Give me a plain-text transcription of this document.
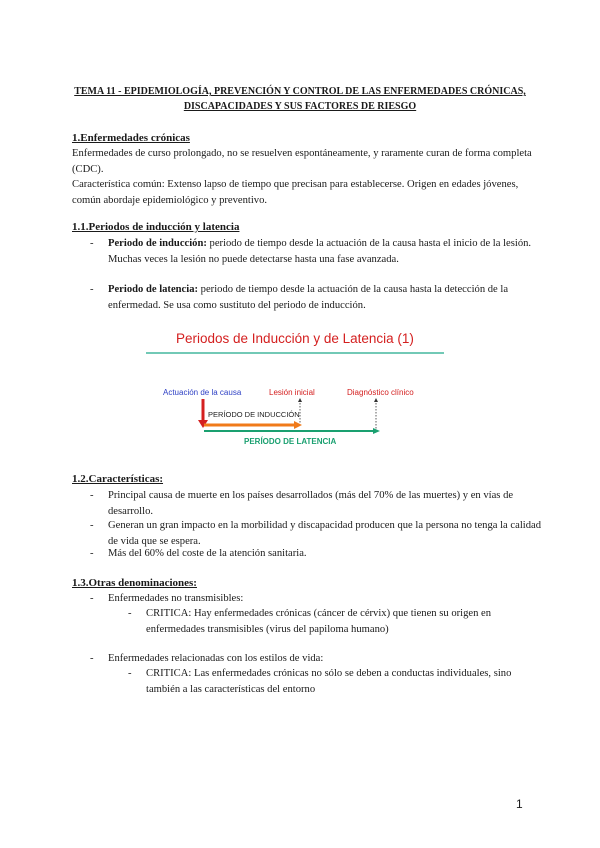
TEMA 11 - EPIDEMIOLOGÍA, PREVENCIÓN Y CONTROL DE LAS ENFERMEDADES CRÓNICAS,
DISCAPACIDADES Y SUS FACTORES DE RIESGO
1.Enfermedades crónicas
Enfermedades de curso prolongado, no se resuelven espontáneamente, y raramente curan de forma completa (CDC).
Característica común: Extenso lapso de tiempo que precisan para establecerse. Origen en edades jóvenes, común abordaje epidemiológico y preventivo.
1.1.Periodos de inducción y latencia
- Periodo de inducción: periodo de tiempo desde la actuación de la causa hasta el inicio de la lesión. Muchas veces la lesión no puede detectarse hasta una fase avanzada.
- Periodo de latencia: periodo de tiempo desde la actuación de la causa hasta la detección de la enfermedad. Se usa como sustituto del periodo de inducción.
Periodos de Inducción y de Latencia (1)
Actuación de la causa	Lesión inicial	Diagnóstico clínico
PERÍODO DE INDUCCIÓN
PERÍODO DE LATENCIA
1.2.Características:
- Principal causa de muerte en los países desarrollados (más del 70% de las muertes) y en vías de desarrollo.
- Generan un gran impacto en la morbilidad y discapacidad producen que la persona no tenga la calidad de vida que se espera.
- Más del 60% del coste de la atención sanitaria.
1.3.Otras denominaciones:
- Enfermedades no transmisibles:
- CRITICA: Hay enfermedades crónicas (cáncer de cérvix) que tienen su origen en enfermedades transmisibles (virus del papiloma humano)
- Enfermedades relacionadas con los estilos de vida:
- CRITICA: Las enfermedades crónicas no sólo se deben a conductas individuales, sino también a las características del entorno
1
